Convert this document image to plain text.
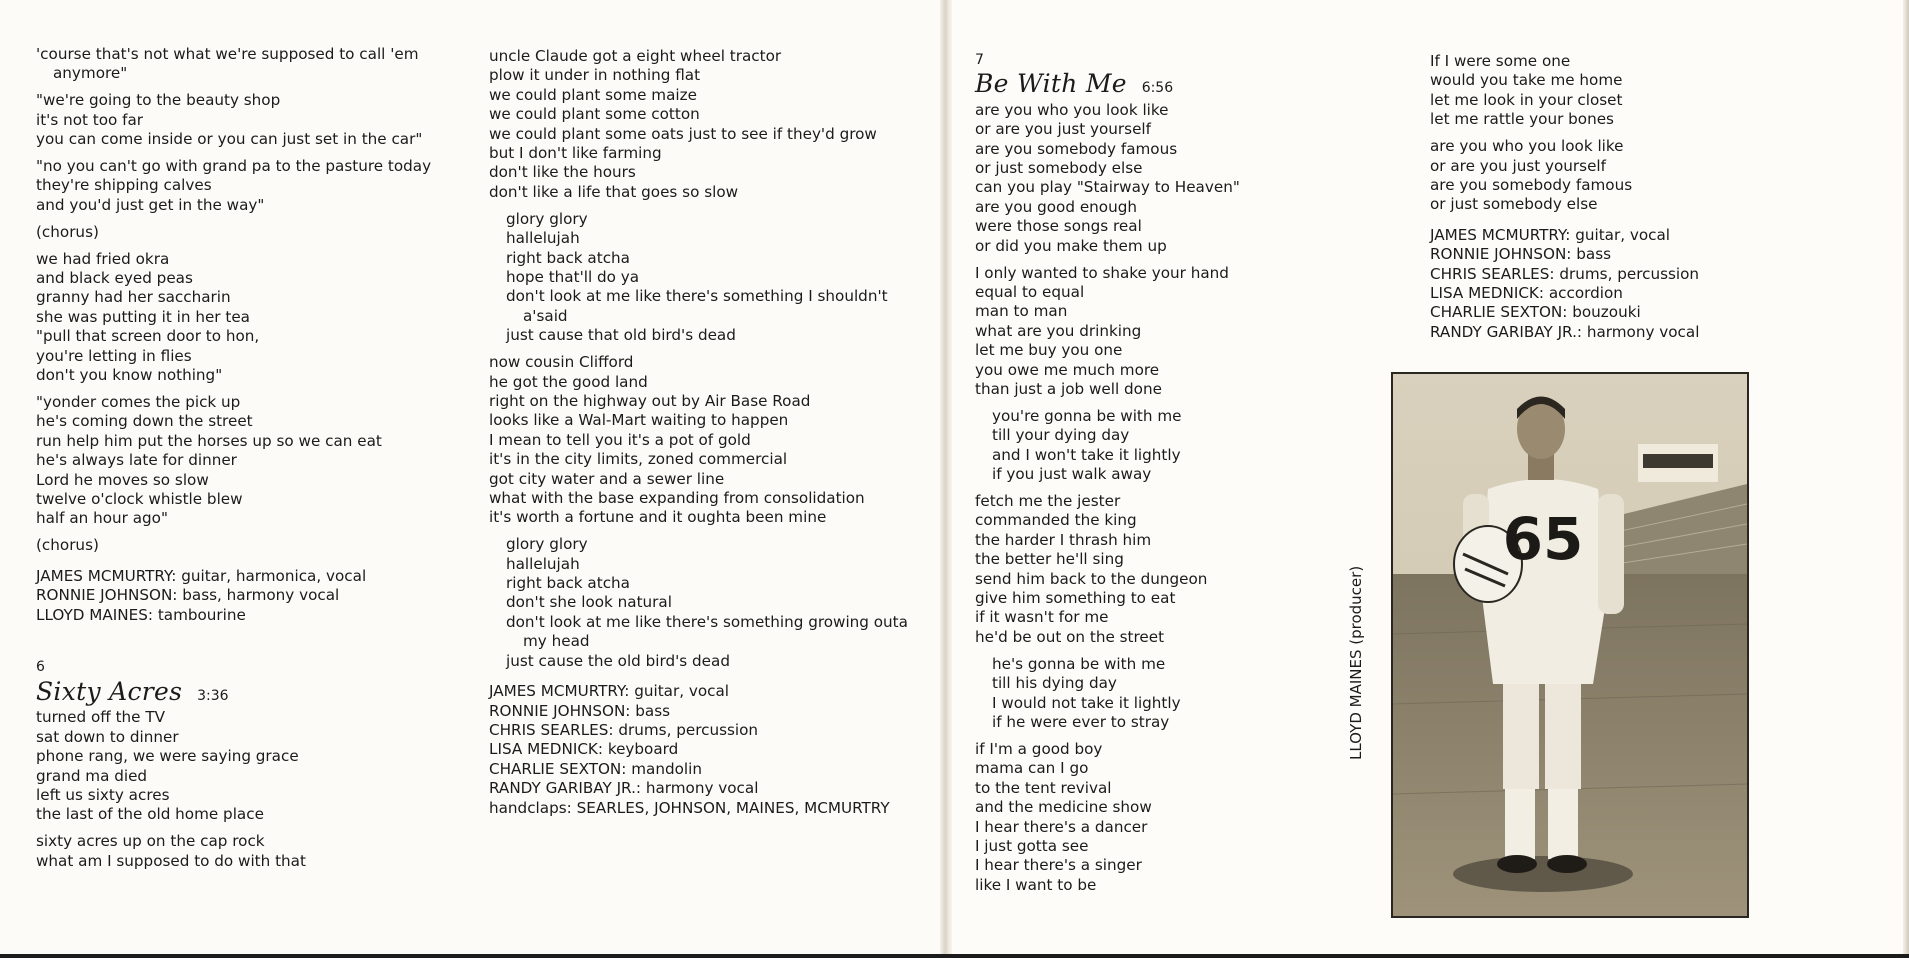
'course that's not what we're supposed to call 'em
anymore"
"we're going to the beauty shop
it's not too far
you can come inside or you can just set in the car"
"no you can't go with grand pa to the pasture today
they're shipping calves
and you'd just get in the way"
(chorus)
we had fried okra
and black eyed peas
granny had her saccharin
she was putting it in her tea
"pull that screen door to hon,
you're letting in flies
don't you know nothing"
"yonder comes the pick up
he's coming down the street
run help him put the horses up so we can eat
he's always late for dinner
Lord he moves so slow
twelve o'clock whistle blew
half an hour ago"
(chorus)
JAMES MCMURTRY: guitar, harmonica, vocal
RONNIE JOHNSON: bass, harmony vocal
LLOYD MAINES: tambourine
6
Sixty Acres 3:36
turned off the TV
sat down to dinner
phone rang, we were saying grace
grand ma died
left us sixty acres
the last of the old home place
sixty acres up on the cap rock
what am I supposed to do with that
uncle Claude got a eight wheel tractor
plow it under in nothing flat
we could plant some maize
we could plant some cotton
we could plant some oats just to see if they'd grow
but I don't like farming
don't like the hours
don't like a life that goes so slow
glory glory
hallelujah
right back atcha
hope that'll do ya
don't look at me like there's something I shouldn't
a'said
just cause that old bird's dead
now cousin Clifford
he got the good land
right on the highway out by Air Base Road
looks like a Wal-Mart waiting to happen
I mean to tell you it's a pot of gold
it's in the city limits, zoned commercial
got city water and a sewer line
what with the base expanding from consolidation
it's worth a fortune and it oughta been mine
glory glory
hallelujah
right back atcha
don't she look natural
don't look at me like there's something growing outa
my head
just cause the old bird's dead
JAMES MCMURTRY: guitar, vocal
RONNIE JOHNSON: bass
CHRIS SEARLES: drums, percussion
LISA MEDNICK: keyboard
CHARLIE SEXTON: mandolin
RANDY GARIBAY JR.: harmony vocal
handclaps: SEARLES, JOHNSON, MAINES, MCMURTRY
7
Be With Me 6:56
are you who you look like
or are you just yourself
are you somebody famous
or just somebody else
can you play "Stairway to Heaven"
are you good enough
were those songs real
or did you make them up
I only wanted to shake your hand
equal to equal
man to man
what are you drinking
let me buy you one
you owe me much more
than just a job well done
you're gonna be with me
till your dying day
and I won't take it lightly
if you just walk away
fetch me the jester
commanded the king
the harder I thrash him
the better he'll sing
send him back to the dungeon
give him something to eat
if it wasn't for me
he'd be out on the street
he's gonna be with me
till his dying day
I would not take it lightly
if he were ever to stray
if I'm a good boy
mama can I go
to the tent revival
and the medicine show
I hear there's a dancer
I just gotta see
I hear there's a singer
like I want to be
If I were some one
would you take me home
let me look in your closet
let me rattle your bones
are you who you look like
or are you just yourself
are you somebody famous
or just somebody else
JAMES MCMURTRY: guitar, vocal
RONNIE JOHNSON: bass
CHRIS SEARLES: drums, percussion
LISA MEDNICK: accordion
CHARLIE SEXTON: bouzouki
RANDY GARIBAY JR.: harmony vocal
LLOYD MAINES (producer)
65
